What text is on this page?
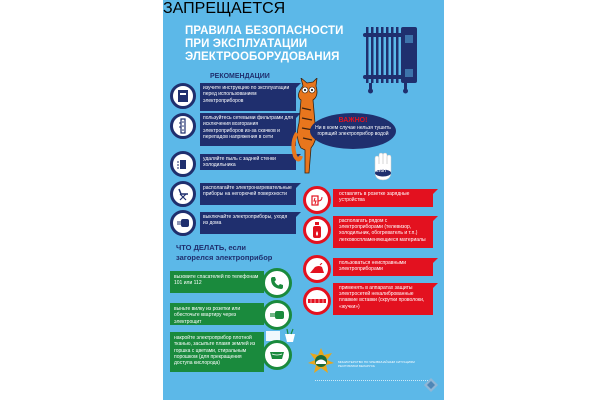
ПРАВИЛА БЕЗОПАСНОСТИ
ПРИ ЭКСПЛУАТАЦИИ
ЭЛЕКТРООБОРУДОВАНИЯ
РЕКОМЕНДАЦИИ
изучите инструкцию по эксплуатации перед использованием электроприборов
пользуйтесь сетевыми фильтрами для исключения возгорания электроприборов из-за скачков и перепадов напряжения в сети
удаляйте пыль с задней стенки холодильника
располагайте электронагревательные приборы на негорючей поверхности
выключайте электроприборы, уходя из дома
ВАЖНО!
Ни в коем случае нельзя тушить горящий электроприбор водой
СТОП
ЗАПРЕЩАЕТСЯ
оставлять в розетке зарядные устройства
располагать рядом с электроприборами (телевизор, холодильник, обогреватель и т.п.) легковоспламеняющиеся материалы
пользоваться неисправными электроприборами
применять в аппаратах защиты электросетей некалиброванные плавкие вставки (скрутки проволоки, «жучки»)
ЧТО ДЕЛАТЬ, если
загорелся электроприбор
вызовите спасателей по телефонам 101 или 112
выньте вилку из розетки или обесточьте квартиру через электрощит
накройте электроприбор плотной тканью, засыпьте пламя землей из горшка с цветами, стиральным порошком (для прекращения доступа кислорода)	МИНИСТЕРСТВО ПО ЧРЕЗВЫЧАЙНЫМ СИТУАЦИЯМ РЕСПУБЛИКИ БЕЛАРУСЬ
